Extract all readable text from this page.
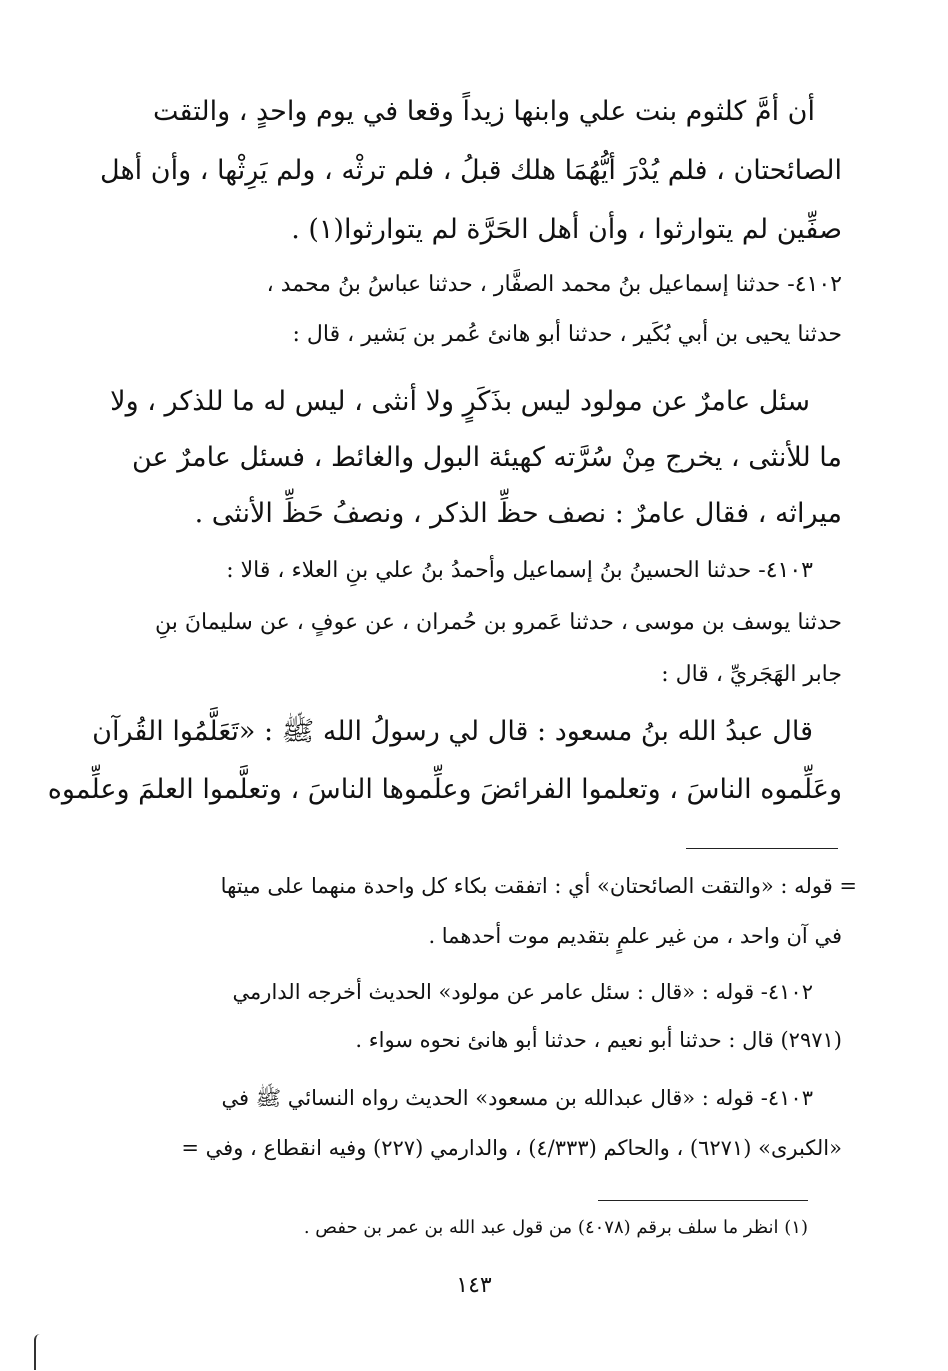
أن أمَّ كلثوم بنت علي وابنها زيداً وقعا في يوم واحدٍ ، والتقت
الصائحتان ، فلم يُدْرَ أيُّهُمَا هلك قبلُ ، فلم ترثْه ، ولم يَرِثْها ، وأن أهل
صفِّين لم يتوارثوا ، وأن أهل الحَرَّة لم يتوارثوا(١) .
٤١٠٢- حدثنا إسماعيل بنُ محمد الصفَّار ، حدثنا عباسُ بنُ محمد ،
حدثنا يحيى بن أبي بُكَير ، حدثنا أبو هانئ عُمر بن بَشير ، قال :
سئل عامرٌ عن مولود ليس بذَكَرٍ ولا أنثى ، ليس له ما للذكر ، ولا
ما للأنثى ، يخرج مِنْ سُرَّته كهيئة البول والغائط ، فسئل عامرٌ عن
ميراثه ، فقال عامرٌ : نصف حظِّ الذكر ، ونصفُ حَظِّ الأنثى .
٤١٠٣- حدثنا الحسينُ بنُ إسماعيل وأحمدُ بنُ علي بنِ العلاء ، قالا :
حدثنا يوسف بن موسى ، حدثنا عَمرو بن حُمران ، عن عوفٍ ، عن سليمانَ بنِ
جابر الهَجَريِّ ، قال :
قال عبدُ الله بنُ مسعود : قال لي رسولُ الله ﷺ : «تَعَلَّمُوا القُرآن
وعَلِّموه الناسَ ، وتعلموا الفرائضَ وعلِّموها الناسَ ، وتعلَّموا العلمَ وعلِّموه
= قوله : «والتقت الصائحتان» أي : اتفقت بكاء كل واحدة منهما على ميتها
في آن واحد ، من غير علمٍ بتقديم موت أحدهما .
٤١٠٢- قوله : «قال : سئل عامر عن مولود» الحديث أخرجه الدارمي
(٢٩٧١) قال : حدثنا أبو نعيم ، حدثنا أبو هانئ نحوه سواء .
٤١٠٣- قوله : «قال عبدالله بن مسعود» الحديث رواه النسائي ﷺ في
«الكبرى» (٦٢٧١) ، والحاكم (٤/٣٣٣) ، والدارمي (٢٢٧) وفيه انقطاع ، وفي =
(١) انظر ما سلف برقم (٤٠٧٨) من قول عبد الله بن عمر بن حفص .
١٤٣
